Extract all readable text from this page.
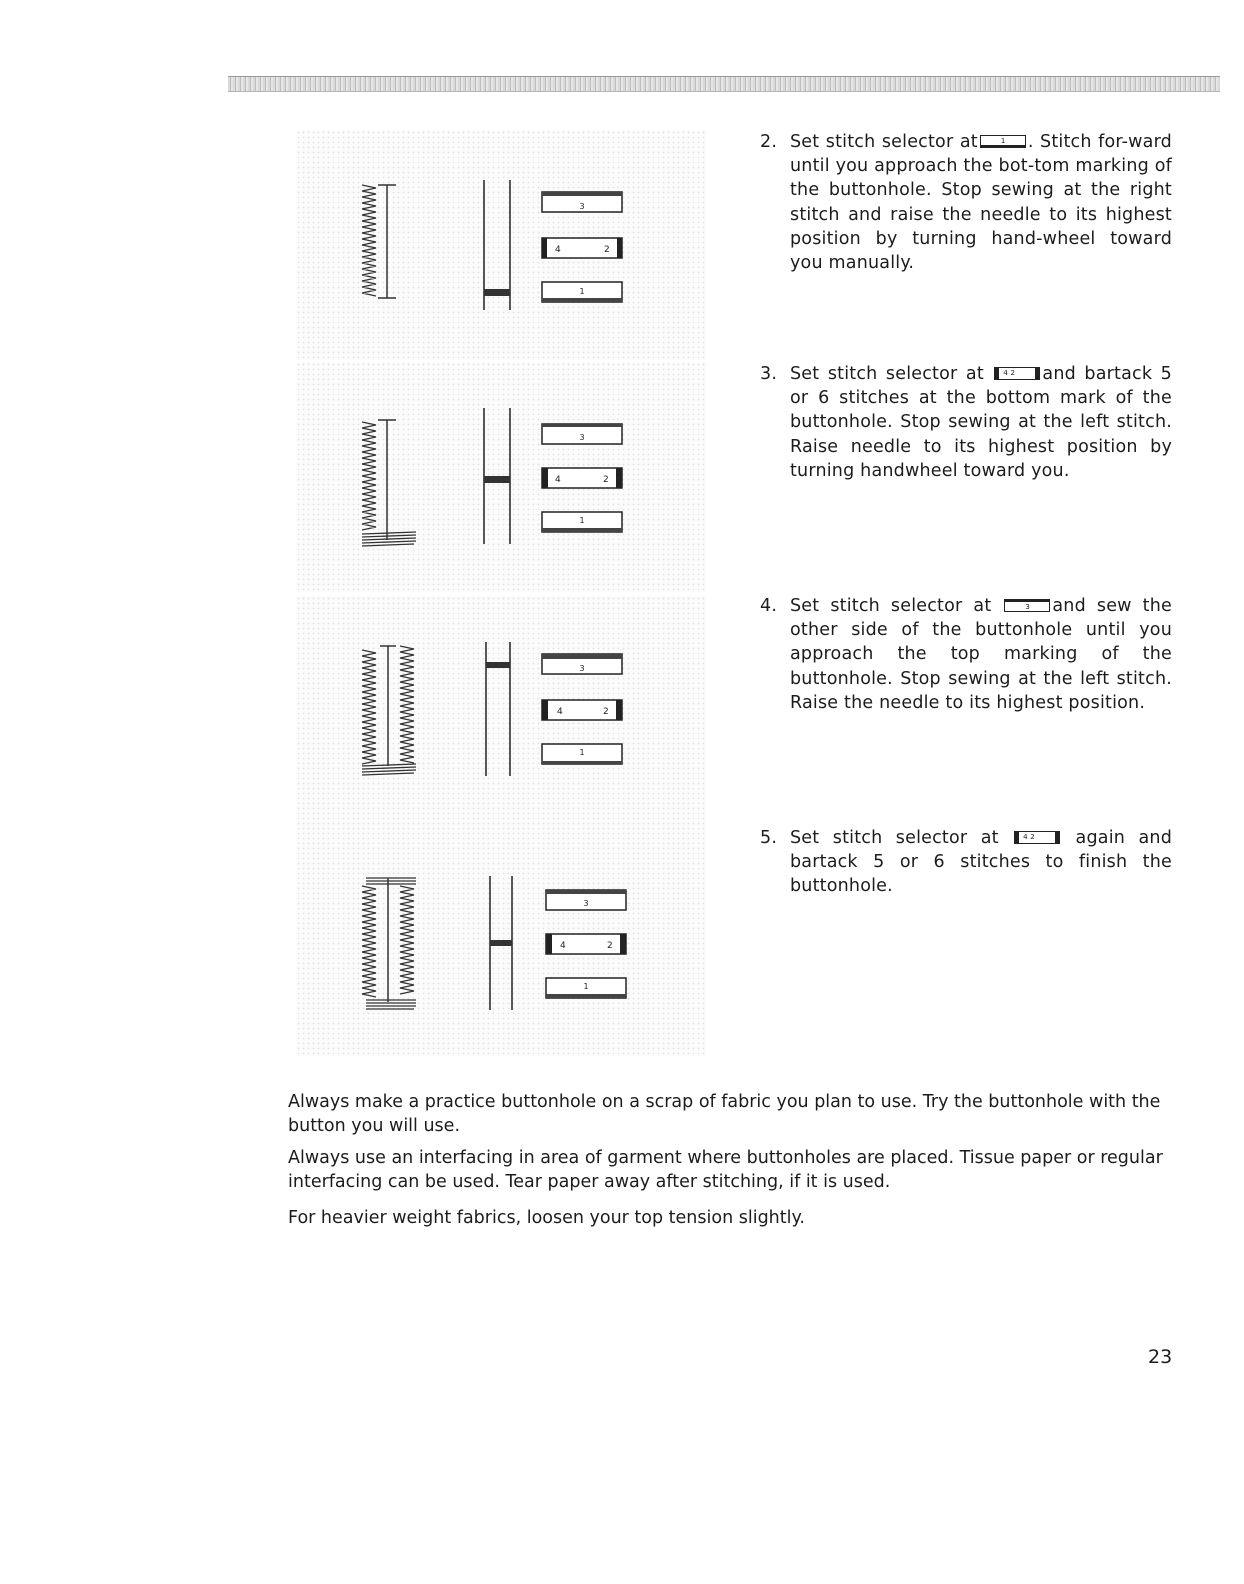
3
4	2
1
3
4	2
1
3
4	2
1
3
4	2
1
2. Set stitch selector at	1 . Stitch for-ward until you approach the bot-tom marking of the buttonhole. Stop sewing at the right stitch and raise the needle to its highest position by turning hand-wheel toward you manually.
3. Set stitch selector at	4 2 and bartack 5 or 6 stitches at the bottom mark of the buttonhole. Stop sewing at the left stitch. Raise needle to its highest position by turning handwheel toward you.
4. Set stitch selector at	3 and sew the other side of the buttonhole until you approach the top marking of the buttonhole. Stop sewing at the left stitch. Raise the needle to its highest position.
5. Set stitch selector at	4 2 again and bartack 5 or 6 stitches to finish the buttonhole.
Always make a practice buttonhole on a scrap of fabric you plan to use. Try the buttonhole with the button you will use.
Always use an interfacing in area of garment where buttonholes are placed. Tissue paper or regular interfacing can be used. Tear paper away after stitching, if it is used.
For heavier weight fabrics, loosen your top tension slightly.
23
